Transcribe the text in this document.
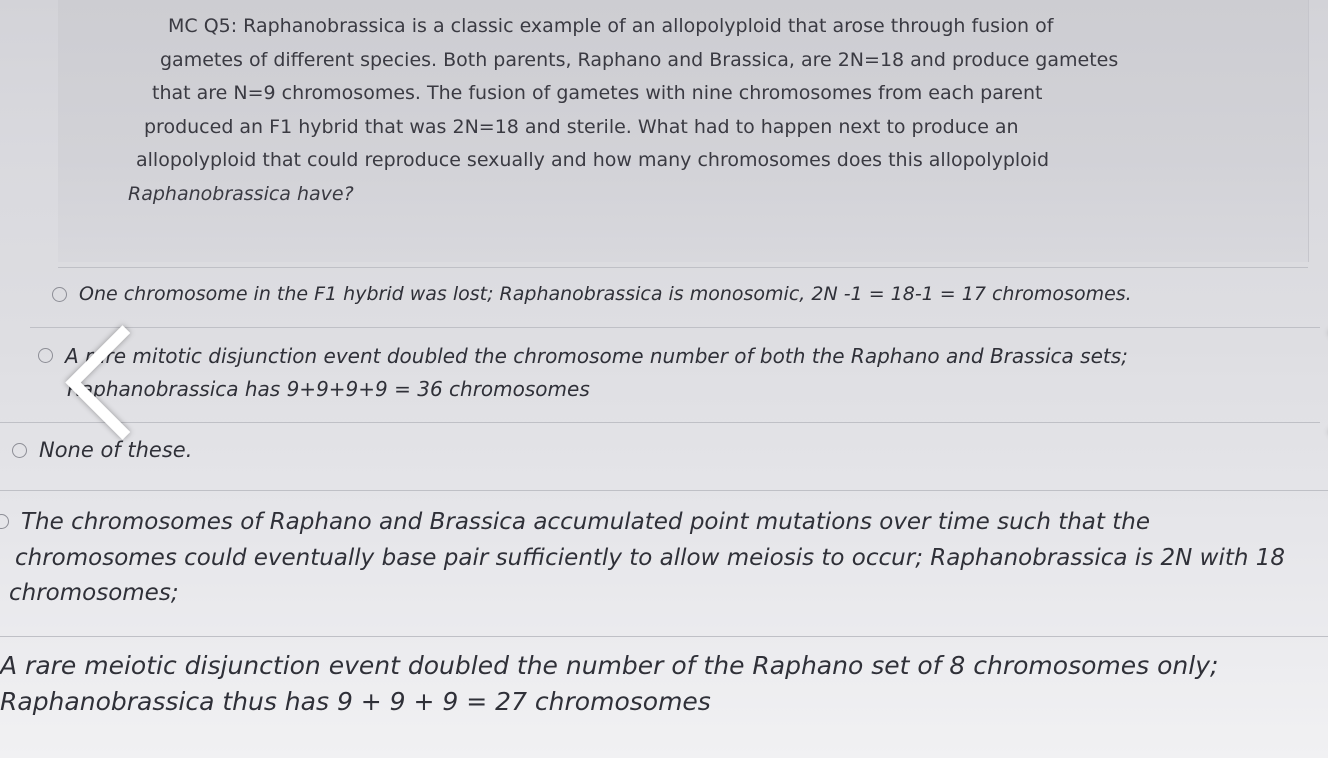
MC Q5: Raphanobrassica is a classic example of an allopolyploid that arose through fusion of
gametes of different species. Both parents, Raphano and Brassica, are 2N=18 and produce gametes
that are N=9 chromosomes. The fusion of gametes with nine chromosomes from each parent
produced an F1 hybrid that was 2N=18 and sterile. What had to happen next to produce an
allopolyploid that could reproduce sexually and how many chromosomes does this allopolyploid
Raphanobrassica have?
One chromosome in the F1 hybrid was lost; Raphanobrassica is monosomic, 2N -1 = 18-1 = 17 chromosomes.
A rare mitotic disjunction event doubled the chromosome number of both the Raphano and Brassica sets;
Raphanobrassica has 9+9+9+9 = 36 chromosomes
None of these.
The chromosomes of Raphano and Brassica accumulated point mutations over time such that the
chromosomes could eventually base pair sufficiently to allow meiosis to occur; Raphanobrassica is 2N with 18
chromosomes;
A rare meiotic disjunction event doubled the number of the Raphano set of 8 chromosomes only;
Raphanobrassica thus has 9 + 9 + 9 = 27 chromosomes
